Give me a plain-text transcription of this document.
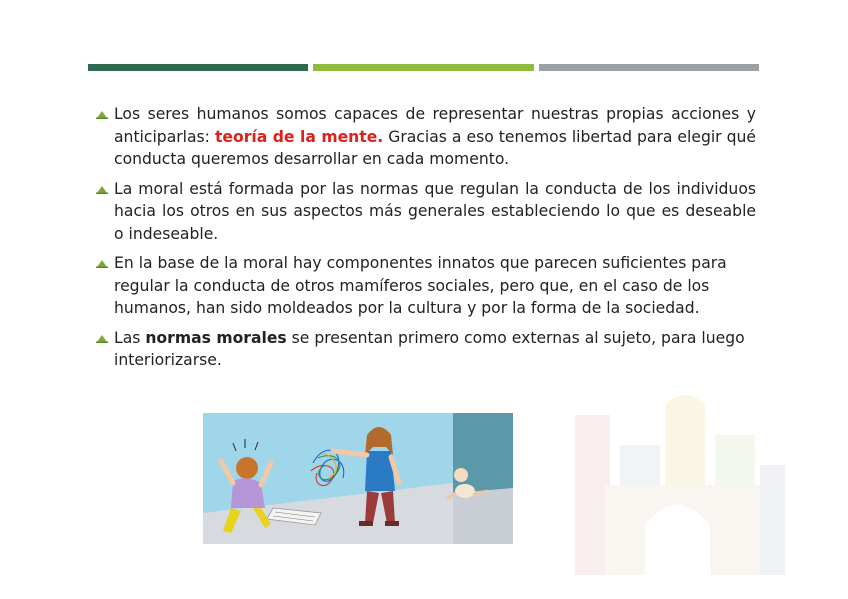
Los seres humanos somos capaces de representar nuestras propias acciones y anticiparlas: teoría de la mente. Gracias a eso tenemos libertad para elegir qué conducta queremos desarrollar en cada momento.
La moral está formada por las normas que regulan la conducta de los individuos hacia los otros en sus aspectos más generales estableciendo lo que es deseable o indeseable.
En la base de la moral hay componentes innatos que parecen suficientes para regular la conducta de otros mamíferos sociales, pero que, en el caso de los humanos, han sido moldeados por la cultura y por la forma de la sociedad.
Las normas morales se presentan primero como externas al sujeto, para luego interiorizarse.
